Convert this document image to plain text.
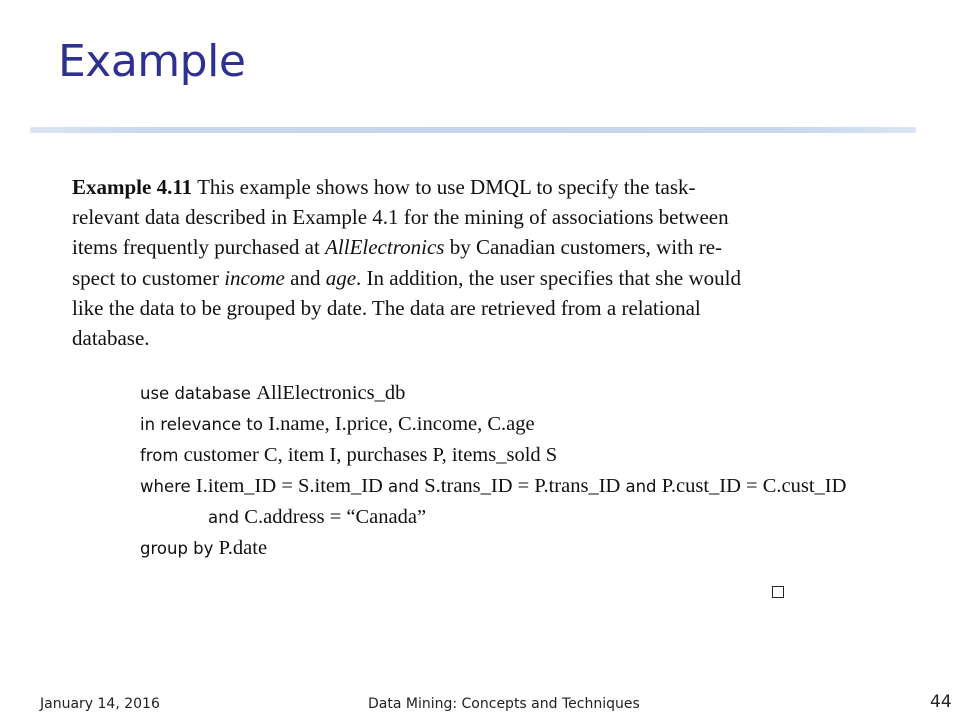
Example

Example 4.11 This example shows how to use DMQL to specify the task-

relevant data described in Example 4.1 for the mining of associations between

items frequently purchased at AllElectronics by Canadian customers, with re-

spect to customer income and age. In addition, the user specifies that she would

like the data to be grouped by date. The data are retrieved from a relational

database.

use database AllElectronics_db

in relevance to I.name, I.price, C.income, C.age

from customer C, item I, purchases P, items_sold S

where I.item_ID = S.item_ID and S.trans_ID = P.trans_ID and P.cust_ID = C.cust_ID

and C.address = “Canada”

group by P.date

January 14, 2016	Data Mining: Concepts and Techniques	44
